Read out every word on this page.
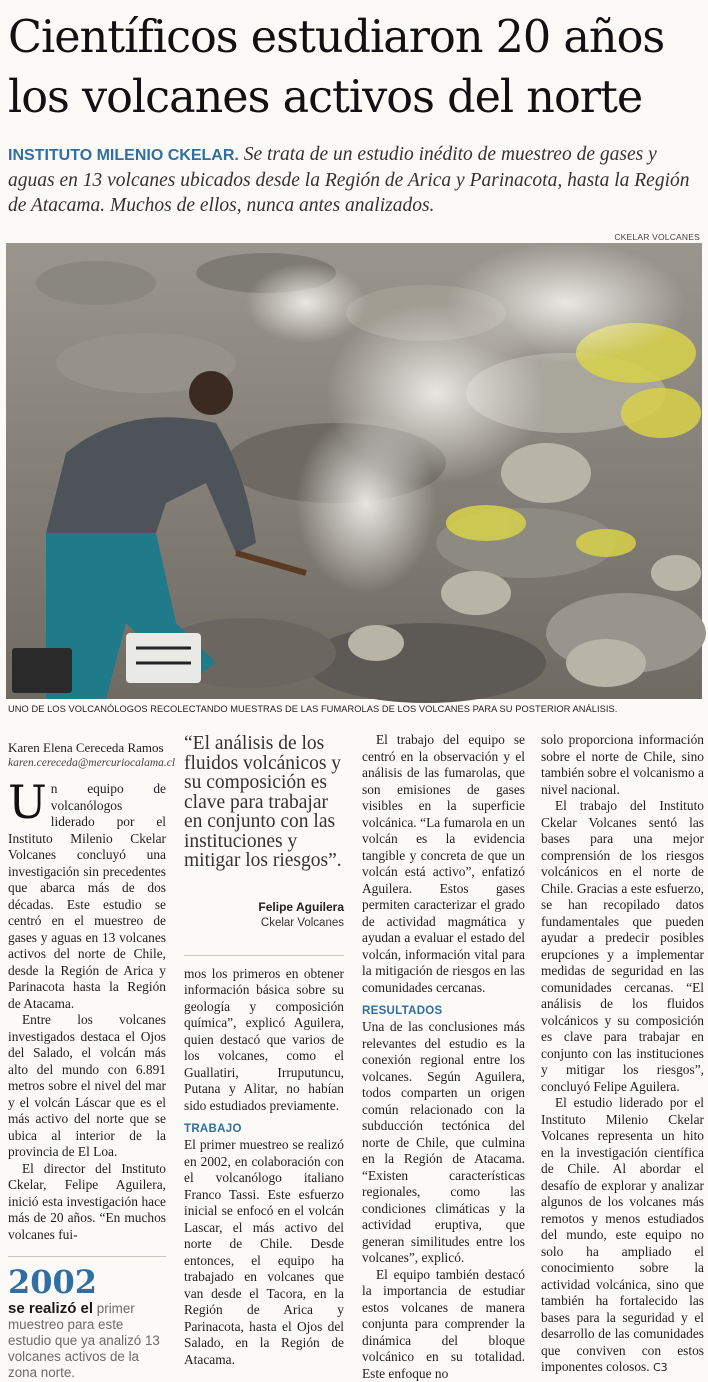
Científicos estudiaron 20 años
los volcanes activos del norte
INSTITUTO MILENIO CKELAR. Se trata de un estudio inédito de muestreo de gases y aguas en 13 volcanes ubicados desde la Región de Arica y Parinacota, hasta la Región de Atacama. Muchos de ellos, nunca antes analizados.
CKELAR VOLCANES
UNO DE LOS VOLCANÓLOGOS RECOLECTANDO MUESTRAS DE LAS FUMAROLAS DE LOS VOLCANES PARA SU POSTERIOR ANÁLISIS.
Karen Elena Cereceda Ramos
karen.cereceda@mercuriocalama.cl

U n equipo de volcanólogos liderado por el Instituto Milenio Ckelar Volcanes concluyó una investigación sin precedentes que abarca más de dos décadas. Este estudio se centró en el muestreo de gases y aguas en 13 volcanes activos del norte de Chile, desde la Región de Arica y Parinacota hasta la Región de Atacama.

Entre los volcanes investigados destaca el Ojos del Salado, el volcán más alto del mundo con 6.891 metros sobre el nivel del mar y el volcán Láscar que es el más activo del norte que se ubica al interior de la provincia de El Loa.

El director del Instituto Ckelar, Felipe Aguilera, inició esta investigación hace más de 20 años. “En muchos volcanes fui-

2002
se realizó el primer muestreo para este estudio que ya analizó 13 volcanes activos de la zona norte.
“El análisis de los fluidos volcánicos y su composición es clave para trabajar en conjunto con las instituciones y mitigar los riesgos”.
Felipe Aguilera
Ckelar Volcanes

mos los primeros en obtener información básica sobre su geología y composición química”, explicó Aguilera, quien destacó que varios de los volcanes, como el Guallatiri, Irruputuncu, Putana y Alitar, no habían sido estudiados previamente.

TRABAJO

El primer muestreo se realizó en 2002, en colaboración con el volcanólogo italiano Franco Tassi. Este esfuerzo inicial se enfocó en el volcán Lascar, el más activo del norte de Chile. Desde entonces, el equipo ha trabajado en volcanes que van desde el Tacora, en la Región de Arica y Parinacota, hasta el Ojos del Salado, en la Región de Atacama.

El trabajo del equipo se centró en la observación y el análisis de las fumarolas, que son emisiones de gases visibles en la superficie volcánica. “La fumarola en un volcán es la evidencia tangible y concreta de que un volcán está activo”, enfatizó Aguilera. Estos gases permiten caracterizar el grado de actividad magmática y ayudan a evaluar el estado del volcán, información vital para la mitigación de riesgos en las comunidades cercanas.

RESULTADOS

Una de las conclusiones más relevantes del estudio es la conexión regional entre los volcanes. Según Aguilera, todos comparten un origen común relacionado con la subducción tectónica del norte de Chile, que culmina en la Región de Atacama. “Existen características regionales, como las condiciones climáticas y la actividad eruptiva, que generan similitudes entre los volcanes”, explicó.

El equipo también destacó la importancia de estudiar estos volcanes de manera conjunta para comprender la dinámica del bloque volcánico en su totalidad. Este enfoque no

solo proporciona información sobre el norte de Chile, sino también sobre el volcanismo a nivel nacional.

El trabajo del Instituto Ckelar Volcanes sentó las bases para una mejor comprensión de los riesgos volcánicos en el norte de Chile. Gracias a este esfuerzo, se han recopilado datos fundamentales que pueden ayudar a predecir posibles erupciones y a implementar medidas de seguridad en las comunidades cercanas. “El análisis de los fluidos volcánicos y su composición es clave para trabajar en conjunto con las instituciones y mitigar los riesgos”, concluyó Felipe Aguilera.

El estudio liderado por el Instituto Milenio Ckelar Volcanes representa un hito en la investigación científica de Chile. Al abordar el desafío de explorar y analizar algunos de los volcanes más remotos y menos estudiados del mundo, este equipo no solo ha ampliado el conocimiento sobre la actividad volcánica, sino que también ha fortalecido las bases para la seguridad y el desarrollo de las comunidades que conviven con estos imponentes colosos. C3
